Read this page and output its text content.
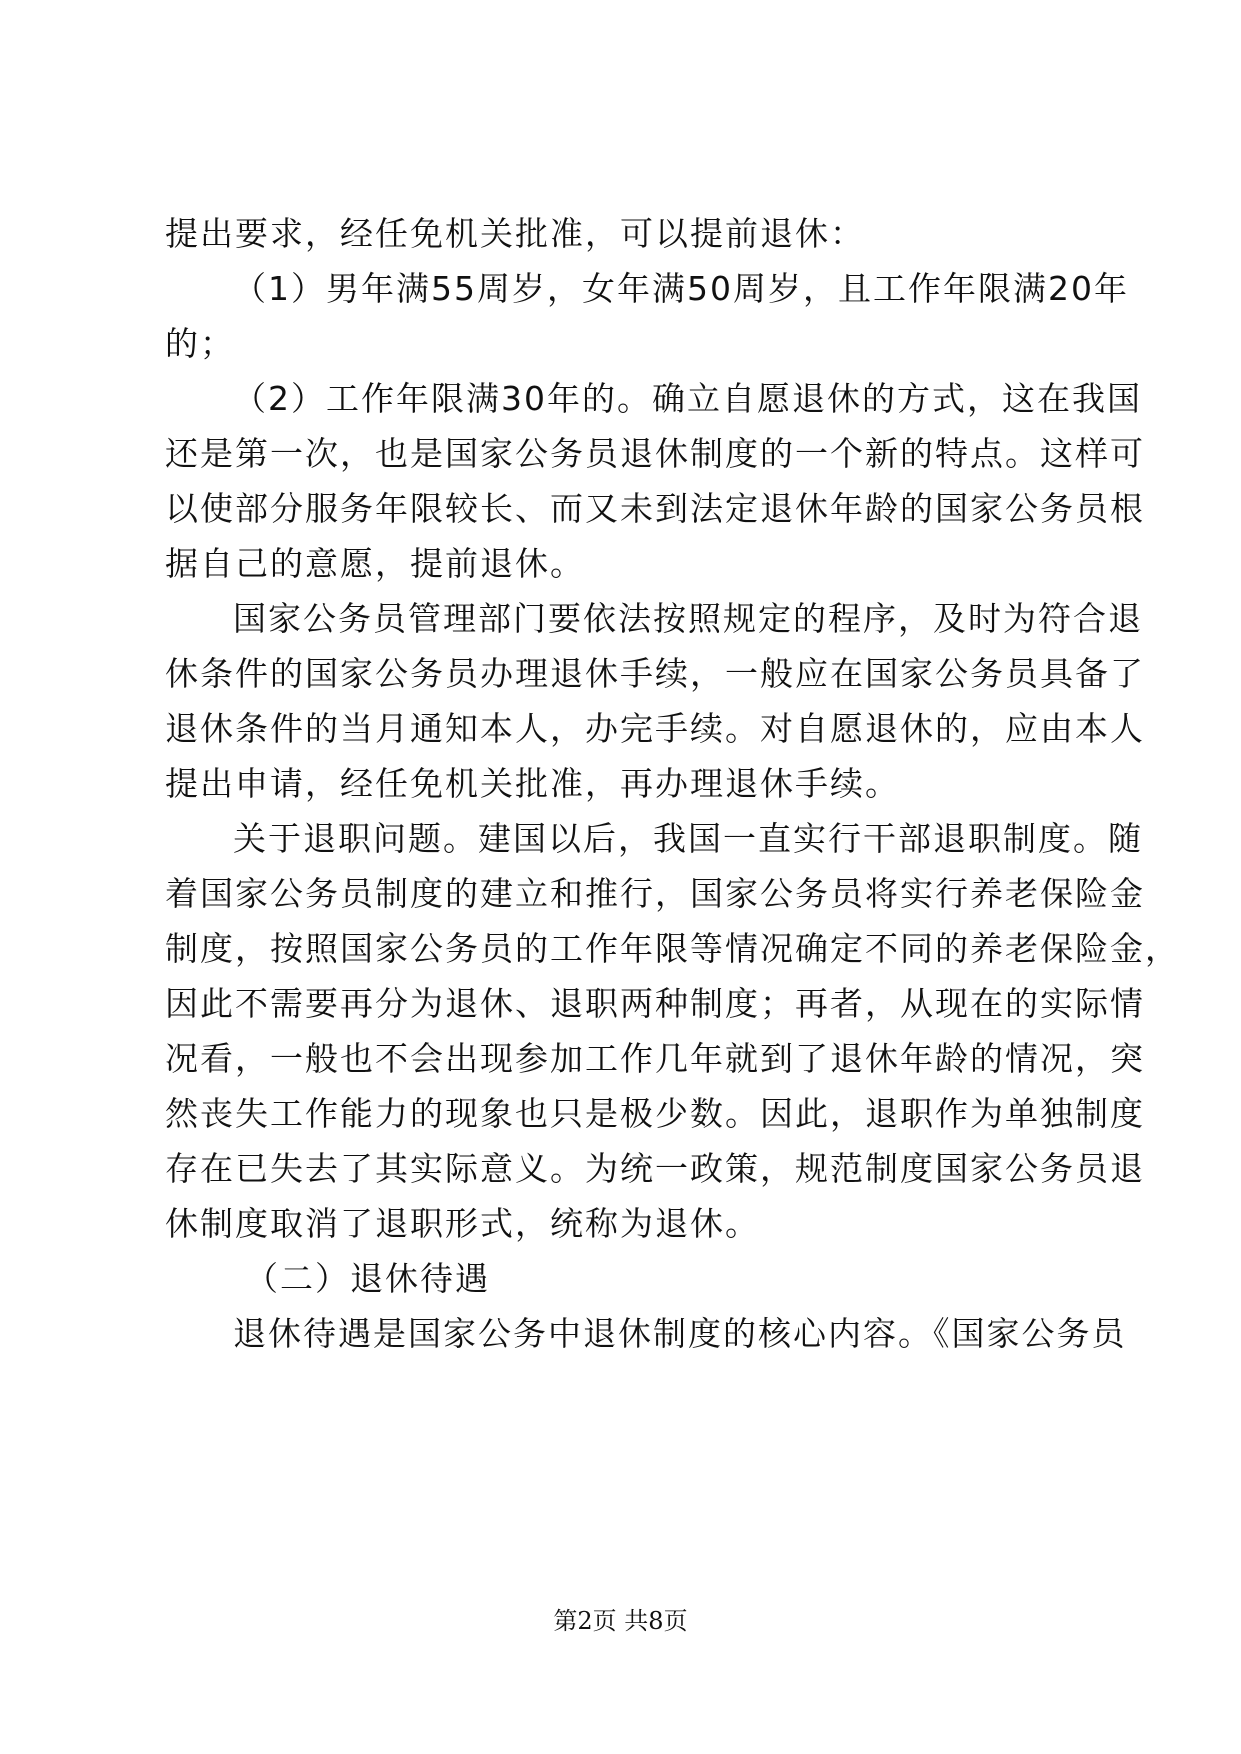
提出要求，经任免机关批准，可以提前退休：
（1）男年满55周岁，女年满50周岁，且工作年限满20年
的；
（2）工作年限满30年的。确立自愿退休的方式，这在我国
还是第一次，也是国家公务员退休制度的一个新的特点。这样可
以使部分服务年限较长、而又未到法定退休年龄的国家公务员根
据自己的意愿，提前退休。
国家公务员管理部门要依法按照规定的程序，及时为符合退
休条件的国家公务员办理退休手续，一般应在国家公务员具备了
退休条件的当月通知本人，办完手续。对自愿退休的，应由本人
提出申请，经任免机关批准，再办理退休手续。
关于退职问题。建国以后，我国一直实行干部退职制度。随
着国家公务员制度的建立和推行，国家公务员将实行养老保险金
制度，按照国家公务员的工作年限等情况确定不同的养老保险金，
因此不需要再分为退休、退职两种制度；再者，从现在的实际情
况看，一般也不会出现参加工作几年就到了退休年龄的情况，突
然丧失工作能力的现象也只是极少数。因此，退职作为单独制度
存在已失去了其实际意义。为统一政策，规范制度国家公务员退
休制度取消了退职形式，统称为退休。
（二）退休待遇
退休待遇是国家公务中退休制度的核心内容。《国家公务员
第2页 共8页
